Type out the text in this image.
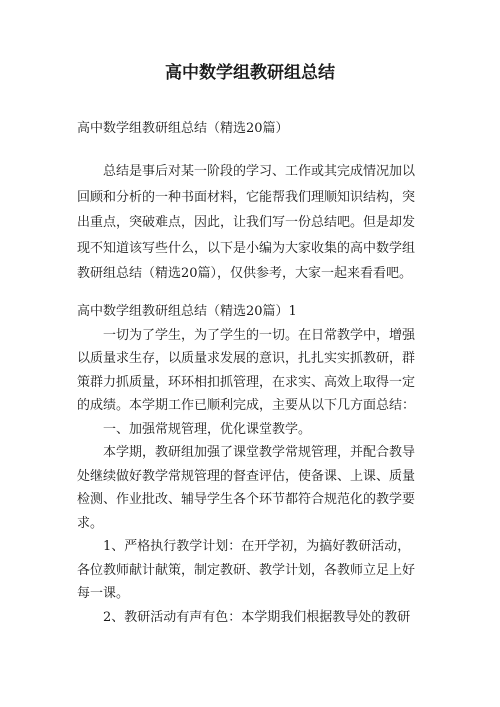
高中数学组教研组总结

高中数学组教研组总结（精选20篇）

总结是事后对某一阶段的学习、工作或其完成情况加以
回顾和分析的一种书面材料，它能帮我们理顺知识结构，突
出重点，突破难点，因此，让我们写一份总结吧。但是却发
现不知道该写些什么，以下是小编为大家收集的高中数学组
教研组总结（精选20篇），仅供参考，大家一起来看看吧。
高中数学组教研组总结（精选20篇）1
一切为了学生，为了学生的一切。在日常教学中，增强
以质量求生存，以质量求发展的意识，扎扎实实抓教研，群
策群力抓质量，环环相扣抓管理，在求实、高效上取得一定
的成绩。本学期工作已顺利完成，主要从以下几方面总结：
一、加强常规管理，优化课堂教学。
本学期，教研组加强了课堂教学常规管理，并配合教导
处继续做好教学常规管理的督查评估，使备课、上课、质量
检测、作业批改、辅导学生各个环节都符合规范化的教学要
求。
1、严格执行教学计划：在开学初，为搞好教研活动，
各位教师献计献策，制定教研、教学计划，各教师立足上好
每一课。
2、教研活动有声有色：本学期我们根据教导处的教研
